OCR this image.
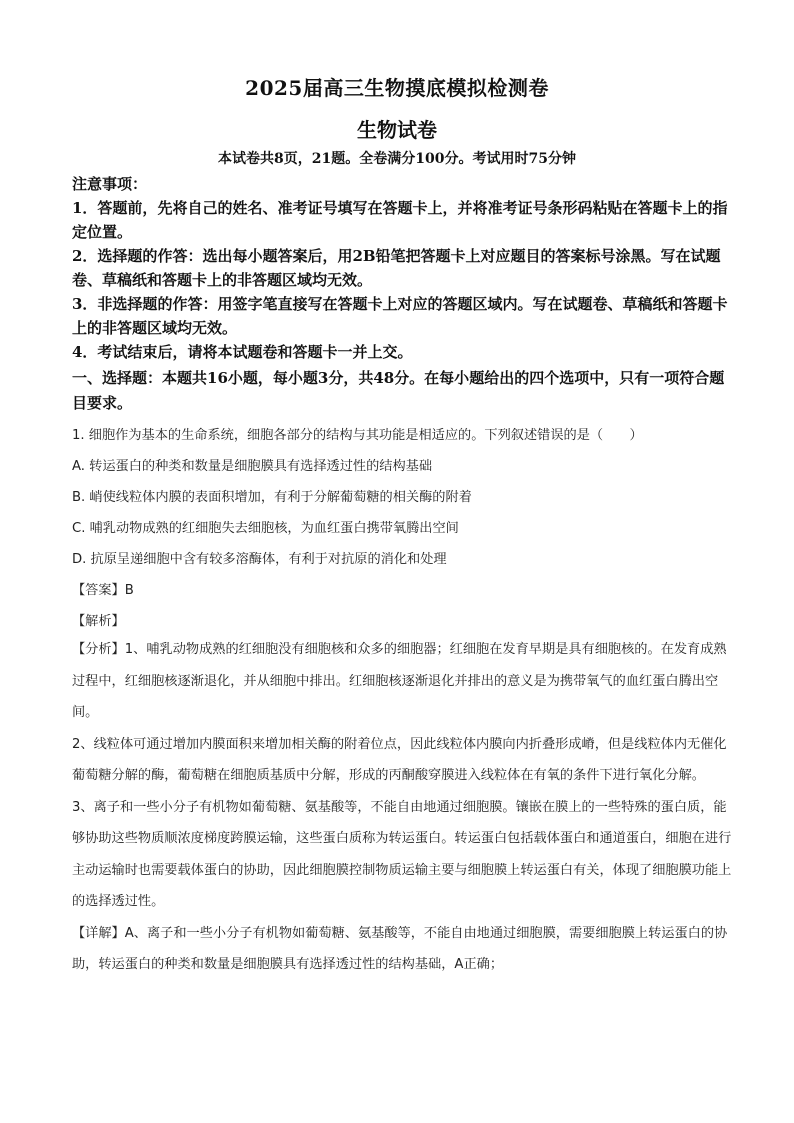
2025届高三生物摸底模拟检测卷
生物试卷
本试卷共8页，21题。全卷满分100分。考试用时75分钟

注意事项：

1．答题前，先将自己的姓名、准考证号填写在答题卡上，并将准考证号条形码粘贴在答题卡上的指定位置。

2．选择题的作答：选出每小题答案后，用2B铅笔把答题卡上对应题目的答案标号涂黑。写在试题卷、草稿纸和答题卡上的非答题区域均无效。

3．非选择题的作答：用签字笔直接写在答题卡上对应的答题区域内。写在试题卷、草稿纸和答题卡上的非答题区域均无效。

4．考试结束后，请将本试题卷和答题卡一并上交。

一、选择题：本题共16小题，每小题3分，共48分。在每小题给出的四个选项中，只有一项符合题目要求。

1. 细胞作为基本的生命系统，细胞各部分的结构与其功能是相适应的。下列叙述错误的是（　　）

A. 转运蛋白的种类和数量是细胞膜具有选择透过性的结构基础

B. 峭使线粒体内膜的表面积增加，有利于分解葡萄糖的相关酶的附着

C. 哺乳动物成熟的红细胞失去细胞核，为血红蛋白携带氧腾出空间

D. 抗原呈递细胞中含有较多溶酶体，有利于对抗原的消化和处理

【答案】B

【解析】

【分析】1、哺乳动物成熟的红细胞没有细胞核和众多的细胞器；红细胞在发育早期是具有细胞核的。在发育成熟过程中，红细胞核逐渐退化，并从细胞中排出。红细胞核逐渐退化并排出的意义是为携带氧气的血红蛋白腾出空间。

2、线粒体可通过增加内膜面积来增加相关酶的附着位点，因此线粒体内膜向内折叠形成嵴，但是线粒体内无催化葡萄糖分解的酶，葡萄糖在细胞质基质中分解，形成的丙酮酸穿膜进入线粒体在有氧的条件下进行氧化分解。

3、离子和一些小分子有机物如葡萄糖、氨基酸等，不能自由地通过细胞膜。镶嵌在膜上的一些特殊的蛋白质，能够协助这些物质顺浓度梯度跨膜运输，这些蛋白质称为转运蛋白。转运蛋白包括载体蛋白和通道蛋白，细胞在进行主动运输时也需要载体蛋白的协助，因此细胞膜控制物质运输主要与细胞膜上转运蛋白有关，体现了细胞膜功能上的选择透过性。

【详解】A、离子和一些小分子有机物如葡萄糖、氨基酸等，不能自由地通过细胞膜，需要细胞膜上转运蛋白的协助，转运蛋白的种类和数量是细胞膜具有选择透过性的结构基础，A正确；
